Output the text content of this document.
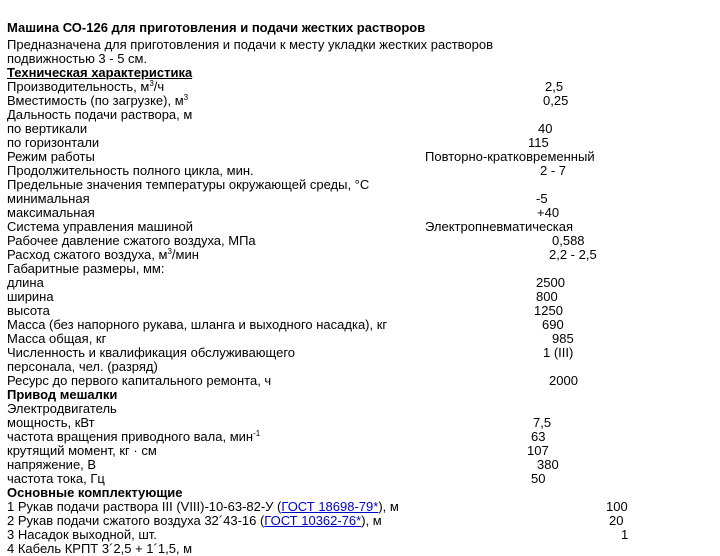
Машина СО-126 для приготовления и подачи жестких растворов
Предназначена для приготовления и подачи к месту укладки жестких растворов
подвижностью 3 - 5 см.
Техническая характеристика
Производительность, $м^3/ч$	2,5
Вместимость (по загрузке), $м^3$	0,25
Дальность подачи раствора, м
по вертикали	40
по горизонтали	115
Режим работы	Повторно-кратковременный
Продолжительность полного цикла, мин.	2 - 7
Предельные значения температуры окружающей среды, °С
минимальная	-5
максимальная	+40
Система управления машиной	Электропневматическая
Рабочее давление сжатого воздуха, МПа	0,588
Расход сжатого воздуха, $м^3$/мин	2,2 - 2,5
Габаритные размеры, мм:
длина	2500
ширина	800
высота	1250
Масса (без напорного рукава, шланга и выходного насадка), кг	690
Масса общая, кг	985
Численность и квалификация обслуживающего	1 (III)
персонала, чел. (разряд)
Ресурс до первого капитального ремонта, ч	2000
Привод мешалки
Электродвигатель
мощность, кВт	7,5
частота вращения приводного вала, мин$^{-1}$	63
крутящий момент, кг · см	107
напряжение, В	380
частота тока, Гц	50
Основные комплектующие
1 Рукав подачи раствора III (VIII)-10-63-82-У (ГОСТ 18698-79*), м	100
2 Рукав подачи сжатого воздуха 32´43-16 (ГОСТ 10362-76*), м	20
3 Насадок выходной, шт.	1
4 Кабель КРПТ 3´2,5 + 1´1,5, м
